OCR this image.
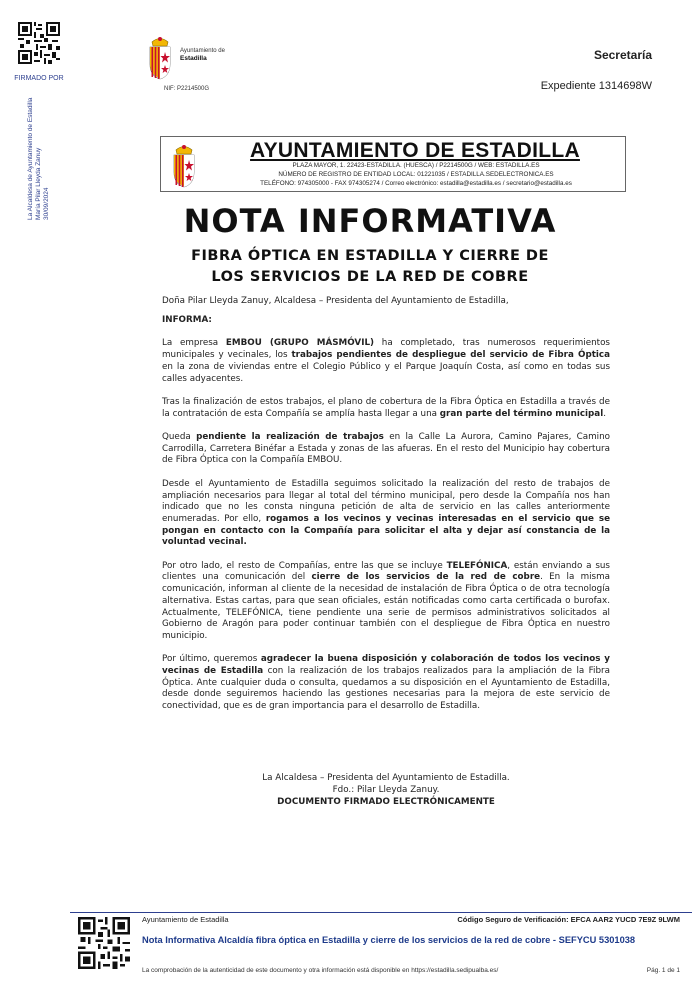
FIRMADO POR
La Alcaldesa de Ayuntamiento de Estadilla María Pilar Lleyda Zanuy 30/09/2024
Ayuntamiento de
Estadilla
NIF: P2214500G
Secretaría
Expediente 1314698W
AYUNTAMIENTO DE ESTADILLA
PLAZA MAYOR, 1. 22423-ESTADILLA. (HUESCA) / P2214500G / WEB: ESTADILLA.ES
NÚMERO DE REGISTRO DE ENTIDAD LOCAL: 01221035 / ESTADILLA.SEDELECTRONICA.ES
TELÉFONO: 974305000 - FAX 974305274 / Correo electrónico: estadilla@estadilla.es / secretario@estadilla.es
NOTA INFORMATIVA
FIBRA ÓPTICA EN ESTADILLA Y CIERRE DE
LOS SERVICIOS DE LA RED DE COBRE

Doña Pilar Lleyda Zanuy, Alcaldesa – Presidenta del Ayuntamiento de Estadilla,

INFORMA:

La empresa EMBOU (GRUPO MÁSMÓVIL) ha completado, tras numerosos requerimientos municipales y vecinales, los trabajos pendientes de despliegue del servicio de Fibra Óptica en la zona de viviendas entre el Colegio Público y el Parque Joaquín Costa, así como en todas sus calles adyacentes.

Tras la finalización de estos trabajos, el plano de cobertura de la Fibra Óptica en Estadilla a través de la contratación de esta Compañía se amplía hasta llegar a una gran parte del término municipal.

Queda pendiente la realización de trabajos en la Calle La Aurora, Camino Pajares, Camino Carrodilla, Carretera Binéfar a Estada y zonas de las afueras. En el resto del Municipio hay cobertura de Fibra Óptica con la Compañía EMBOU.

Desde el Ayuntamiento de Estadilla seguimos solicitado la realización del resto de trabajos de ampliación necesarios para llegar al total del término municipal, pero desde la Compañía nos han indicado que no les consta ninguna petición de alta de servicio en las calles anteriormente enumeradas. Por ello, rogamos a los vecinos y vecinas interesadas en el servicio que se pongan en contacto con la Compañía para solicitar el alta y dejar así constancia de la voluntad vecinal.

Por otro lado, el resto de Compañías, entre las que se incluye TELEFÓNICA, están enviando a sus clientes una comunicación del cierre de los servicios de la red de cobre. En la misma comunicación, informan al cliente de la necesidad de instalación de Fibra Óptica o de otra tecnología alternativa. Estas cartas, para que sean oficiales, están notificadas como carta certificada o burofax. Actualmente, TELEFÓNICA, tiene pendiente una serie de permisos administrativos solicitados al Gobierno de Aragón para poder continuar también con el despliegue de Fibra Óptica en nuestro municipio.

Por último, queremos agradecer la buena disposición y colaboración de todos los vecinos y vecinas de Estadilla con la realización de los trabajos realizados para la ampliación de la Fibra Óptica. Ante cualquier duda o consulta, quedamos a su disposición en el Ayuntamiento de Estadilla, desde donde seguiremos haciendo las gestiones necesarias para la mejora de este servicio de conectividad, que es de gran importancia para el desarrollo de Estadilla.

La Alcaldesa – Presidenta del Ayuntamiento de Estadilla.
Fdo.: Pilar Lleyda Zanuy.
DOCUMENTO FIRMADO ELECTRÓNICAMENTE
Ayuntamiento de Estadilla	Código Seguro de Verificación: EFCA AAR2 YUCD 7E9Z 9LWM
Nota Informativa Alcaldía fibra óptica en Estadilla y cierre de los servicios de la red de cobre - SEFYCU 5301038
La comprobación de la autenticidad de este documento y otra información está disponible en https://estadilla.sedipualba.es/	Pág. 1 de 1
